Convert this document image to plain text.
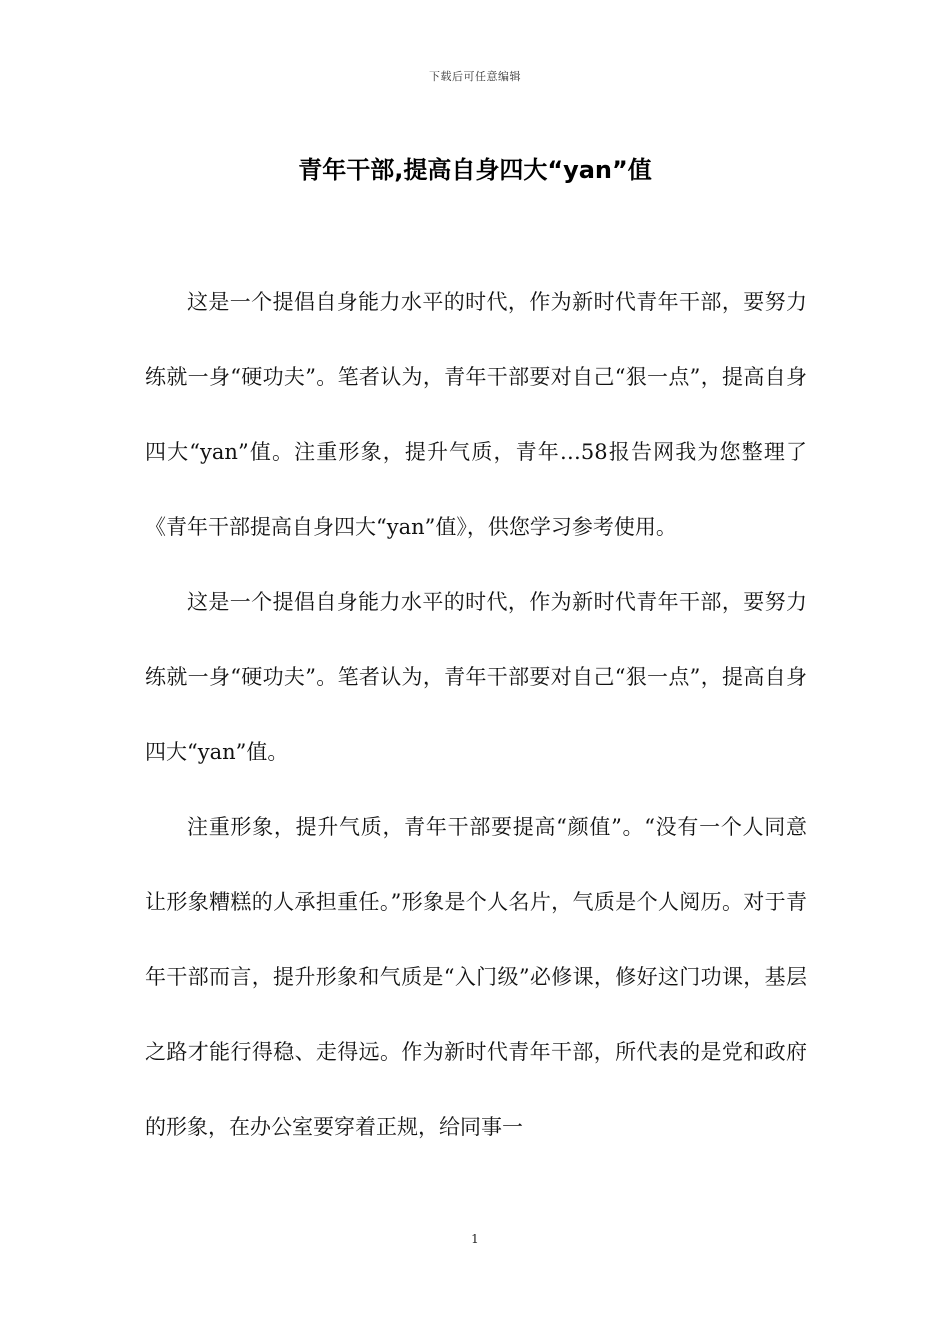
下载后可任意编辑
青年干部,提高自身四大“yan”值

这是一个提倡自身能力水平的时代，作为新时代青年干部，要努力练就一身“硬功夫”。笔者认为，青年干部要对自己“狠一点”，提高自身四大“yan”值。注重形象，提升气质，青年…58报告网我为您整理了《青年干部提高自身四大“yan”值》，供您学习参考使用。

这是一个提倡自身能力水平的时代，作为新时代青年干部，要努力练就一身“硬功夫”。笔者认为，青年干部要对自己“狠一点”，提高自身四大“yan”值。

注重形象，提升气质，青年干部要提高“颜值”。“没有一个人同意让形象糟糕的人承担重任。”形象是个人名片，气质是个人阅历。对于青年干部而言，提升形象和气质是“入门级”必修课，修好这门功课，基层之路才能行得稳、走得远。作为新时代青年干部，所代表的是党和政府的形象，在办公室要穿着正规，给同事一

1
